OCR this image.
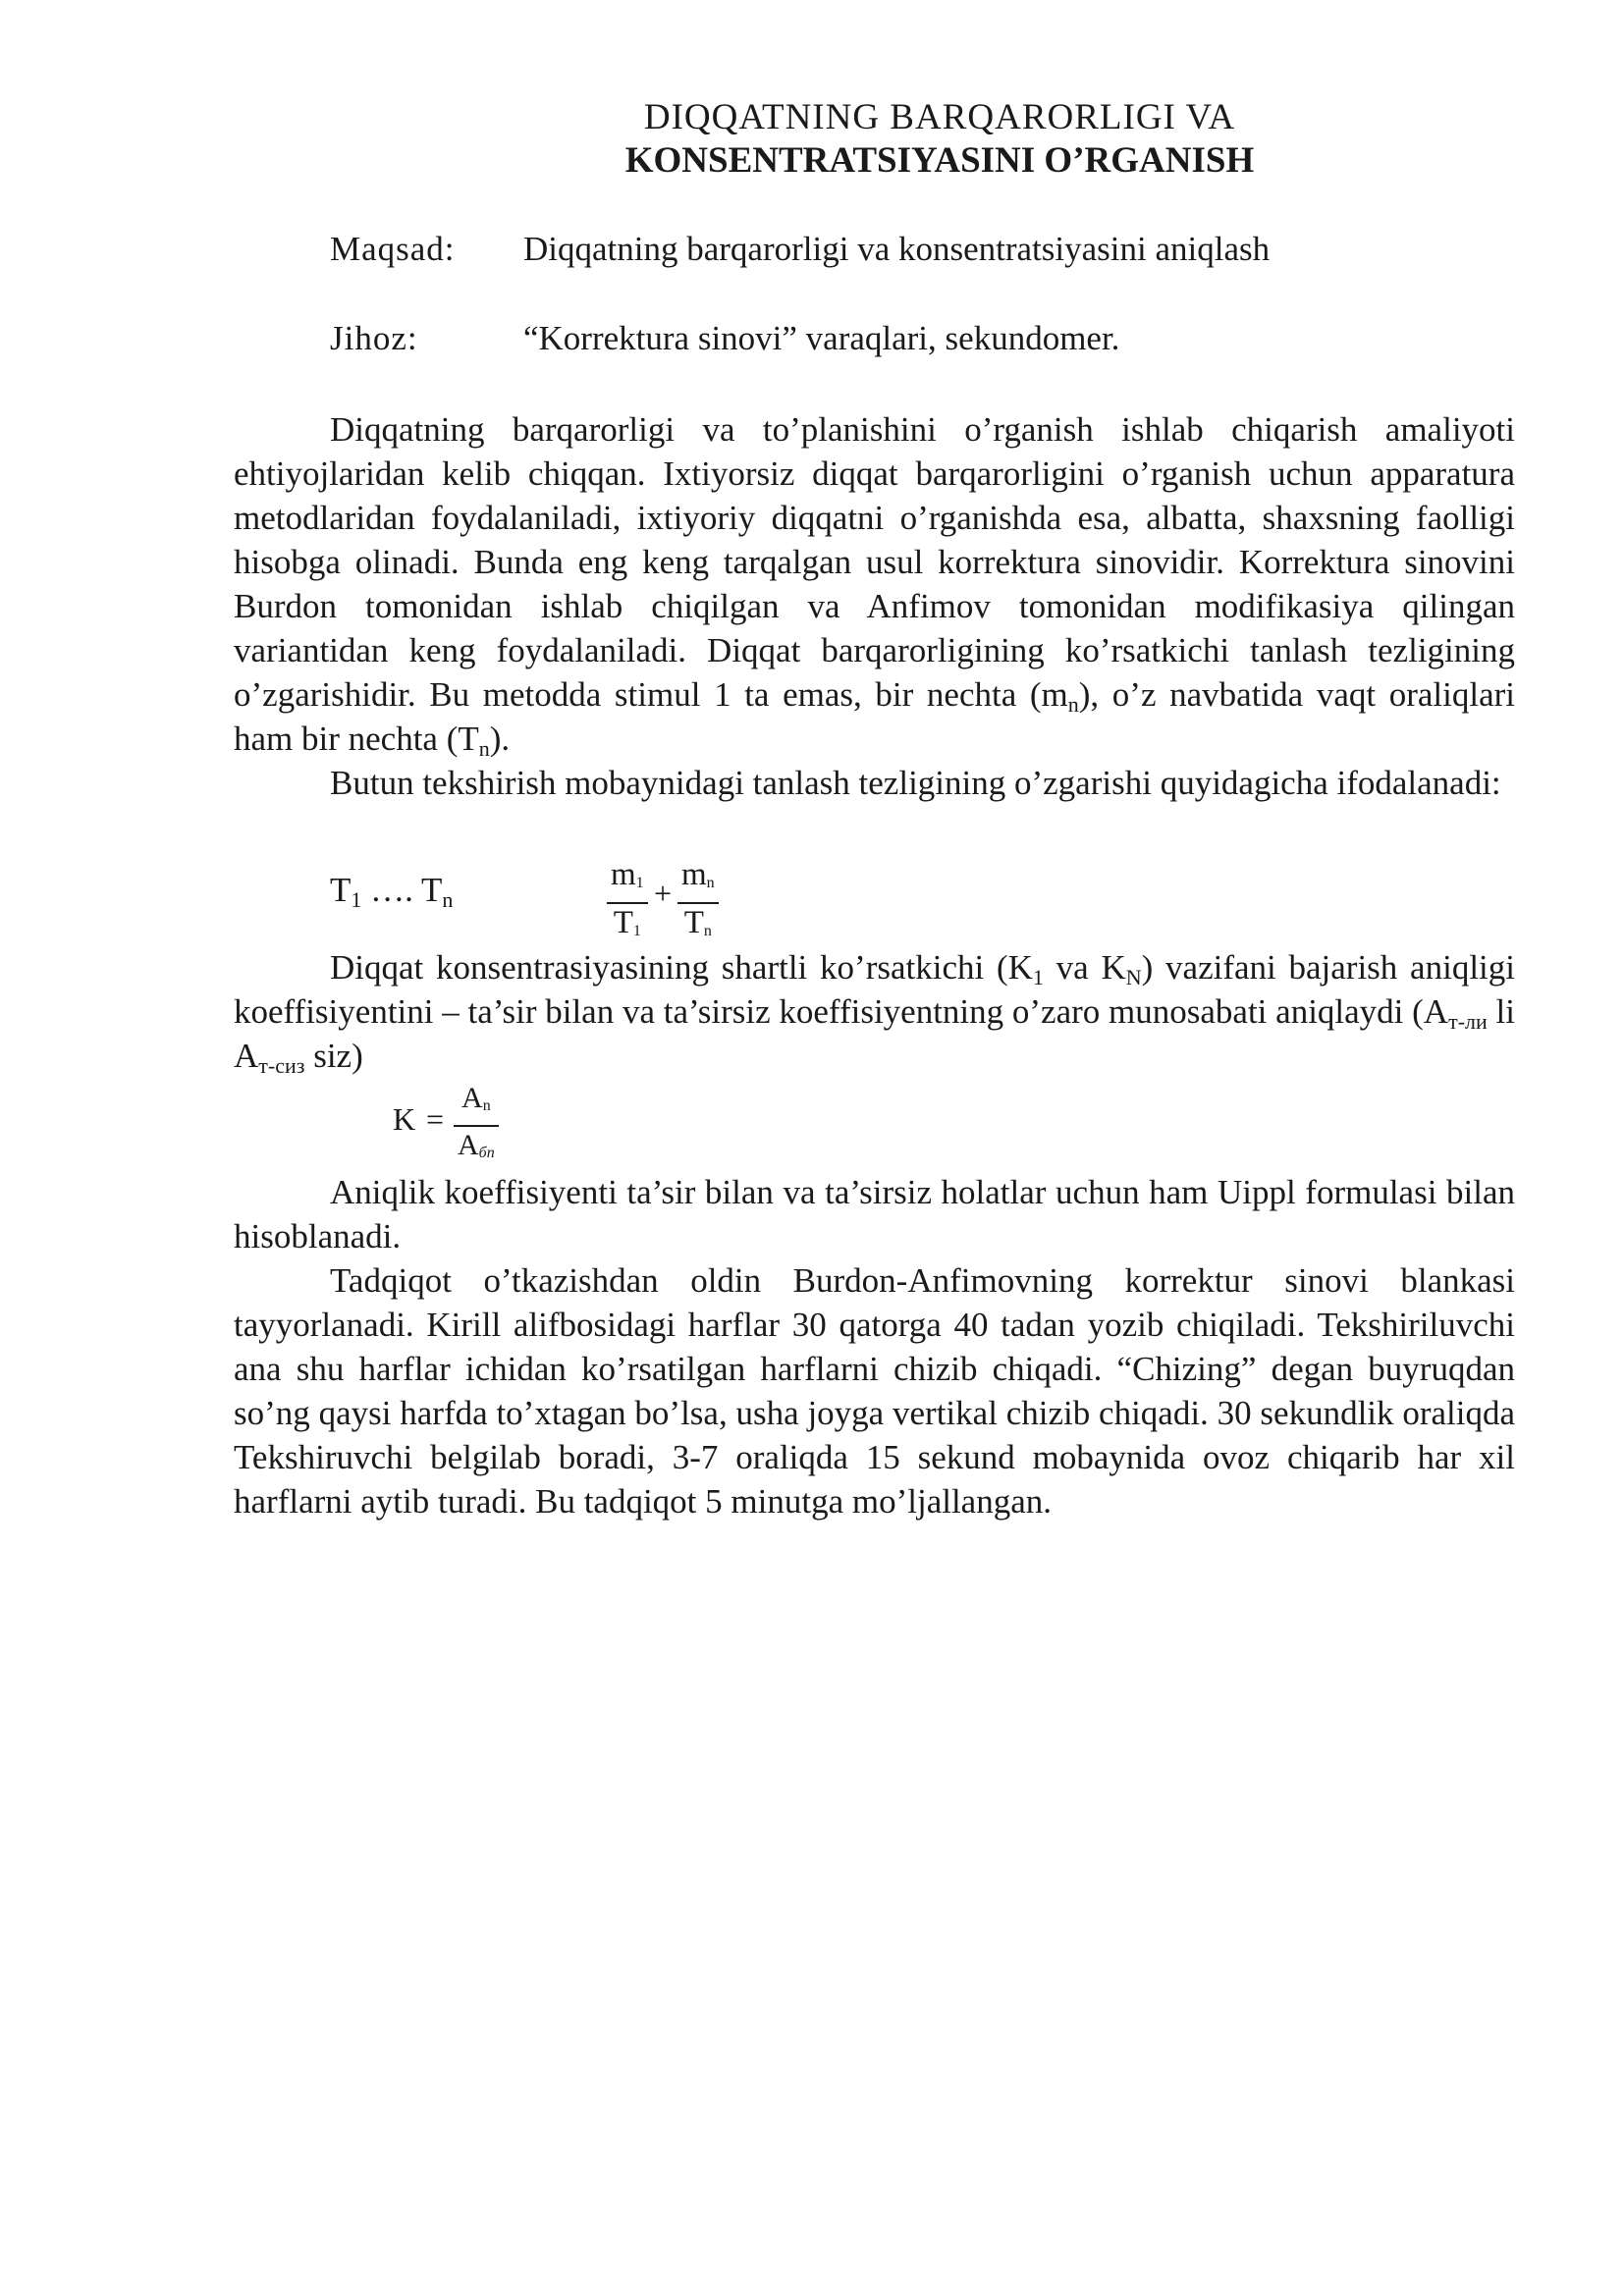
DIQQATNING BARQARORLIGI VA
KONSENTRATSIYASINI O’RGANISH
Maqsad: Diqqatning barqarorligi va konsentratsiyasini aniqlash
Jihoz:	“Korrektura sinovi” varaqlari, sekundomer.

Diqqatning barqarorligi va to’planishini o’rganish ishlab chiqarish amaliyoti ehtiyojlaridan kelib chiqqan. Ixtiyorsiz diqqat barqarorligini o’rganish uchun apparatura metodlaridan foydalaniladi, ixtiyoriy diqqatni o’rganishda esa, albatta, shaxsning faolligi hisobga olinadi. Bunda eng keng tarqalgan usul korrektura sinovidir. Korrektura sinovini Burdon tomonidan ishlab chiqilgan va Anfimov tomonidan modifikasiya qilingan variantidan keng foydalaniladi. Diqqat barqarorligining ko’rsatkichi tanlash tezligining o’zgarishidir. Bu metodda stimul 1 ta emas, bir nechta $(m_n)$, o’z navbatida vaqt oraliqlari ham bir nechta $(T_n)$.

Butun tekshirish mobaynidagi tanlash tezligining o’zgarishi quyidagicha ifodalanadi:

$T_1$ …. $T_n$	$\frac{m_1}{T_1} + \frac{m_n}{T_n}$

Diqqat konsentrasiyasining shartli ko’rsatkichi ($K_1$ va $K_N$) vazifani bajarish aniqligi koeffisiyentini – ta’sir bilan va ta’sirsiz koeffisiyentning o’zaro munosabati aniqlaydi ($A_{т-ли}$ li $A_{т-сиз}$ siz)

K =
$A_n$
$A_{бп}$

Aniqlik koeffisiyenti ta’sir bilan va ta’sirsiz holatlar uchun ham Uippl formulasi bilan hisoblanadi.

Tadqiqot o’tkazishdan oldin Burdon-Anfimovning korrektur sinovi blankasi tayyorlanadi. Kirill alifbosidagi harflar 30 qatorga 40 tadan yozib chiqiladi. Tekshiriluvchi ana shu harflar ichidan ko’rsatilgan harflarni chizib chiqadi. “Chizing” degan buyruqdan so’ng qaysi harfda to’xtagan bo’lsa, usha joyga vertikal chizib chiqadi. 30 sekundlik oraliqda Tekshiruvchi belgilab boradi, 3-7 oraliqda 15 sekund mobaynida ovoz chiqarib har xil harflarni aytib turadi. Bu tadqiqot 5 minutga mo’ljallangan.
